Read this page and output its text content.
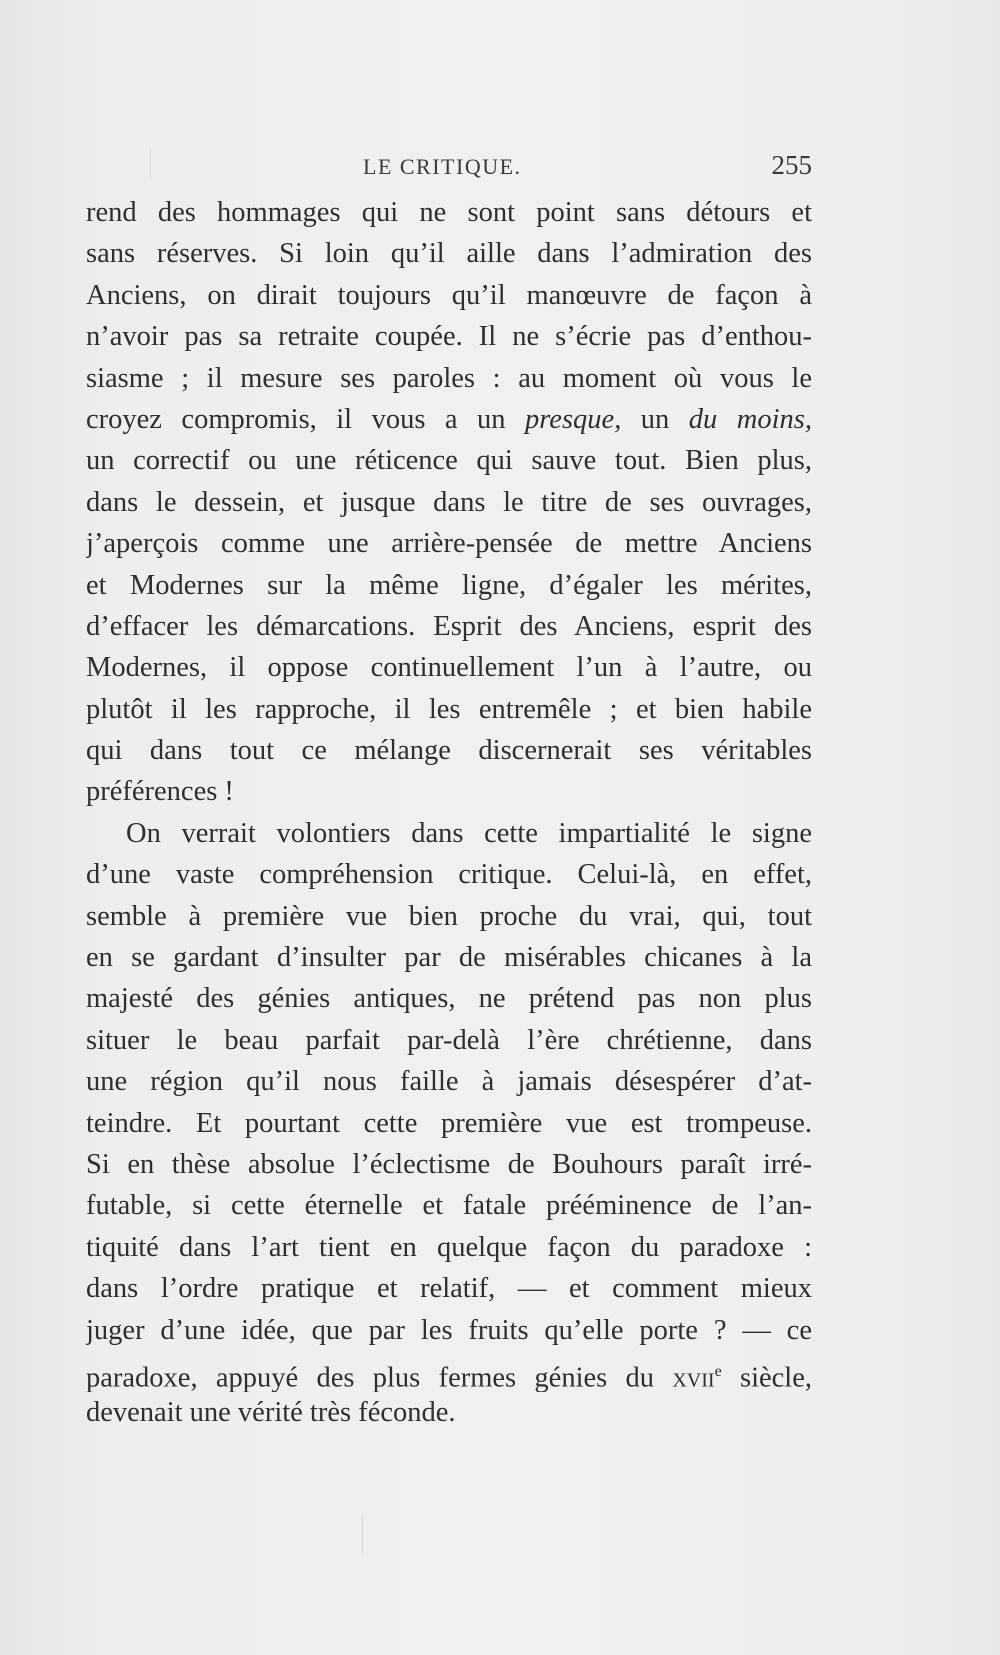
LE CRITIQUE.	255
rend des hommages qui ne sont point sans détours et
sans réserves. Si loin qu’il aille dans l’admiration des
Anciens, on dirait toujours qu’il manœuvre de façon à
n’avoir pas sa retraite coupée. Il ne s’écrie pas d’enthou-
siasme ; il mesure ses paroles : au moment où vous le
croyez compromis, il vous a un presque, un du moins,
un correctif ou une réticence qui sauve tout. Bien plus,
dans le dessein, et jusque dans le titre de ses ouvrages,
j’aperçois comme une arrière-pensée de mettre Anciens
et Modernes sur la même ligne, d’égaler les mérites,
d’effacer les démarcations. Esprit des Anciens, esprit des
Modernes, il oppose continuellement l’un à l’autre, ou
plutôt il les rapproche, il les entremêle ; et bien habile
qui dans tout ce mélange discernerait ses véritables
préférences !
On verrait volontiers dans cette impartialité le signe
d’une vaste compréhension critique. Celui-là, en effet,
semble à première vue bien proche du vrai, qui, tout
en se gardant d’insulter par de misérables chicanes à la
majesté des génies antiques, ne prétend pas non plus
situer le beau parfait par-delà l’ère chrétienne, dans
une région qu’il nous faille à jamais désespérer d’at-
teindre. Et pourtant cette première vue est trompeuse.
Si en thèse absolue l’éclectisme de Bouhours paraît irré-
futable, si cette éternelle et fatale prééminence de l’an-
tiquité dans l’art tient en quelque façon du paradoxe :
dans l’ordre pratique et relatif, — et comment mieux
juger d’une idée, que par les fruits qu’elle porte ? — ce
paradoxe, appuyé des plus fermes génies du xvii$^e$ siècle,
devenait une vérité très féconde.
